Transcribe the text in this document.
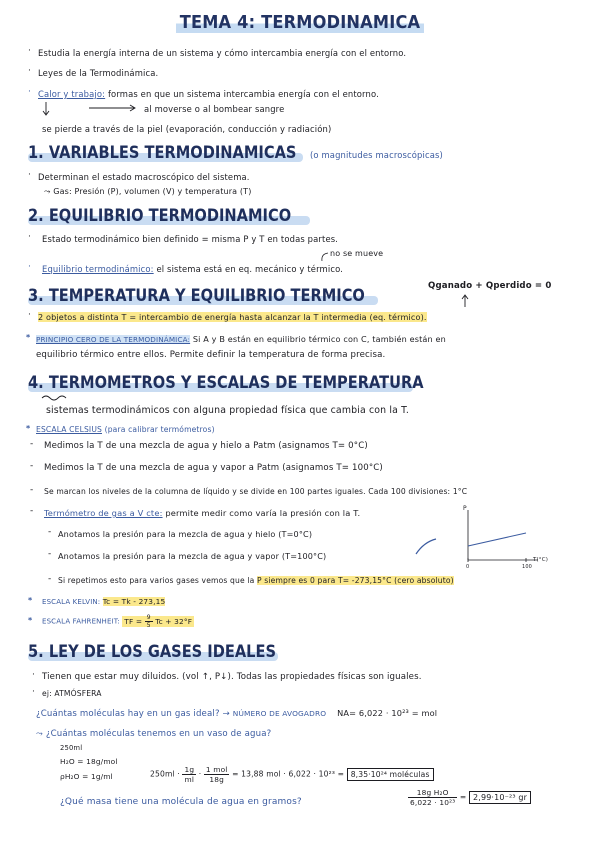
TEMA 4: TERMODINAMICA
· Estudia la energía interna de un sistema y cómo intercambia energía con el entorno.
· Leyes de la Termodinámica.
· Calor y trabajo: formas en que un sistema intercambia energía con el entorno.
al moverse o al bombear sangre
se pierde a través de la piel (evaporación, conducción y radiación)
1. VARIABLES TERMODINAMICAS (o magnitudes macroscópicas)
· Determinan el estado macroscópico del sistema.
⤳ Gas: Presión (P), volumen (V) y temperatura (T)
2. EQUILIBRIO TERMODINAMICO
· Estado termodinámico bien definido = misma P y T en todas partes.
no se mueve
· Equilibrio termodinámico: el sistema está en eq. mecánico y térmico.
3. TEMPERATURA Y EQUILIBRIO TERMICO	Qganado + Qperdido = 0
· 2 objetos a distinta T = intercambio de energía hasta alcanzar la T intermedia (eq. térmico).
* PRINCIPIO CERO DE LA TERMODINÁMICA: Si A y B están en equilibrio térmico con C, también están en
equilibrio térmico entre ellos. Permite definir la temperatura de forma precisa.
4. TERMOMETROS Y ESCALAS DE TEMPERATURA
sistemas termodinámicos con alguna propiedad física que cambia con la T.
* ESCALA CELSIUS (para calibrar termómetros)
- Medimos la T de una mezcla de agua y hielo a Patm (asignamos T= 0°C)
- Medimos la T de una mezcla de agua y vapor a Patm (asignamos T= 100°C)
- Se marcan los niveles de la columna de líquido y se divide en 100 partes iguales. Cada 100 divisiones: 1°C
- Termómetro de gas a V cte: permite medir como varía la presión con la T.
- Anotamos la presión para la mezcla de agua y hielo (T=0°C)
- Anotamos la presión para la mezcla de agua y vapor (T=100°C)
- Si repetimos esto para varios gases vemos que la P siempre es 0 para T= -273,15°C (cero absoluto)
P
T(°C)
0	100
* ESCALA KELVIN: Tc = Tk - 273,15
* ESCALA FAHRENHEIT: TF = $\frac{9}{5}$ Tc + 32°F
5. LEY DE LOS GASES IDEALES
· Tienen que estar muy diluidos. (vol ↑, P↓). Todas las propiedades físicas son iguales.
· ej: ATMÓSFERA
¿Cuántas moléculas hay en un gas ideal? → NÚMERO DE AVOGADRO NA= 6,022 · 10²³ = mol
⤳ ¿Cuántas moléculas tenemos en un vaso de agua?
250ml
H₂O = 18g/mol
ρH₂O = 1g/ml	$250ml \cdot \frac{1g}{ml} \cdot \frac{\text{1 mol}}{18g} = 13,88$ mol · 6,022 · 10²³ = 8,35·10²⁴ moléculas
¿Qué masa tiene una molécula de agua en gramos?	$\frac{\text{18g H₂O}}{\text{6,022 · 10²³}} = 2,99\cdot 10^{-23}$ gr
